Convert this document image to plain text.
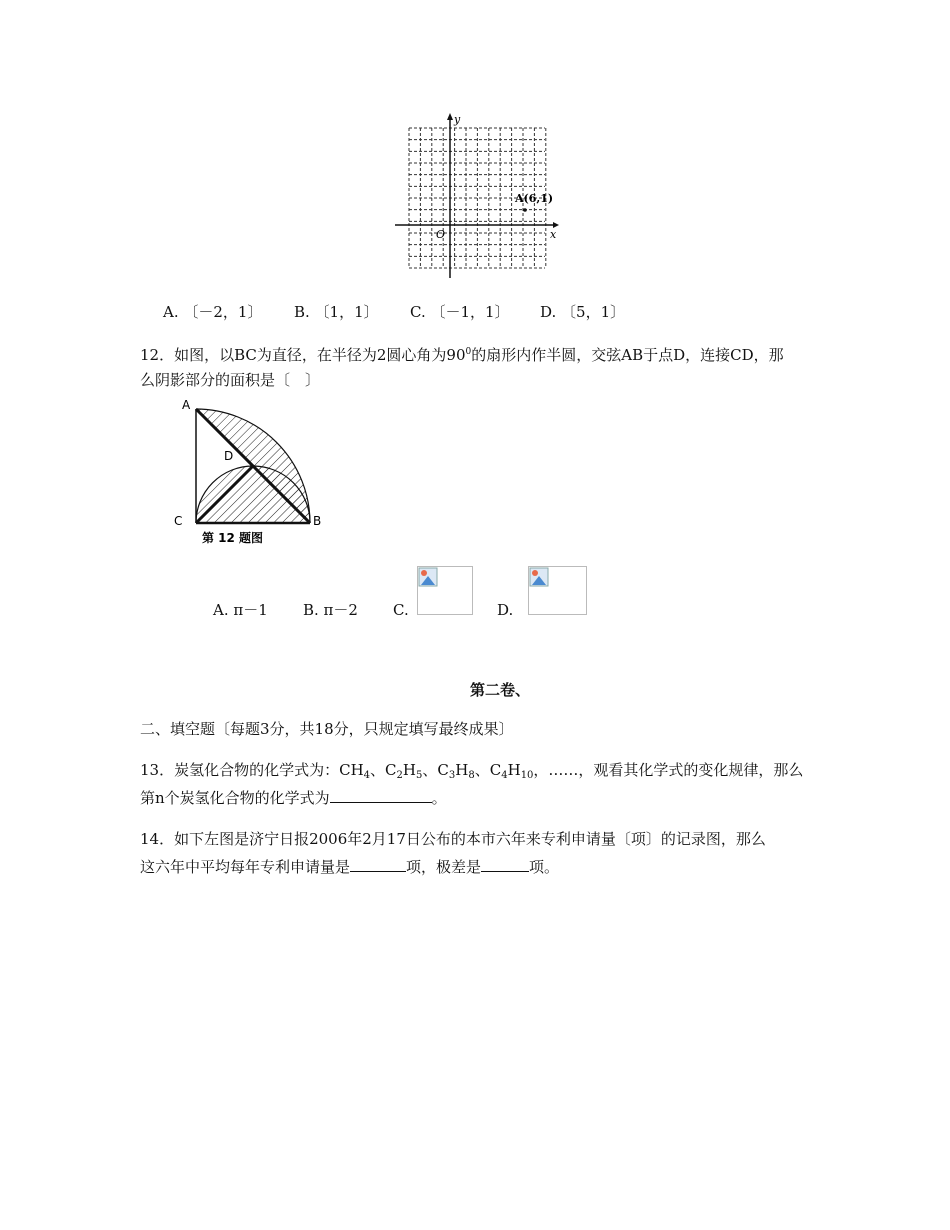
y
x
O
A(6,1)
A. 〔－2，1〕 B. 〔1，1〕 C. 〔－1，1〕 D. 〔5，1〕
12．如图，以BC为直径，在半径为2圆心角为$90^0$的扇形内作半圆，交弦AB于点D，连接CD，那
么阴影部分的面积是〔　〕
A
D
C	B
第 12 题图
A. π－1 B. π－2 C.	D.
第二卷、
二、填空题〔每题3分，共18分，只规定填写最终成果〕
13．炭氢化合物的化学式为：$CH_4$、$C_2H_5$、$C_3H_8$、$C_4H_{10}$，……，观看其化学式的变化规律，那么
第n个炭氢化合物的化学式为	。
14．如下左图是济宁日报2006年2月17日公布的本市六年来专利申请量〔项〕的记录图，那么
这六年中平均每年专利申请量是	项，极差是	项。
